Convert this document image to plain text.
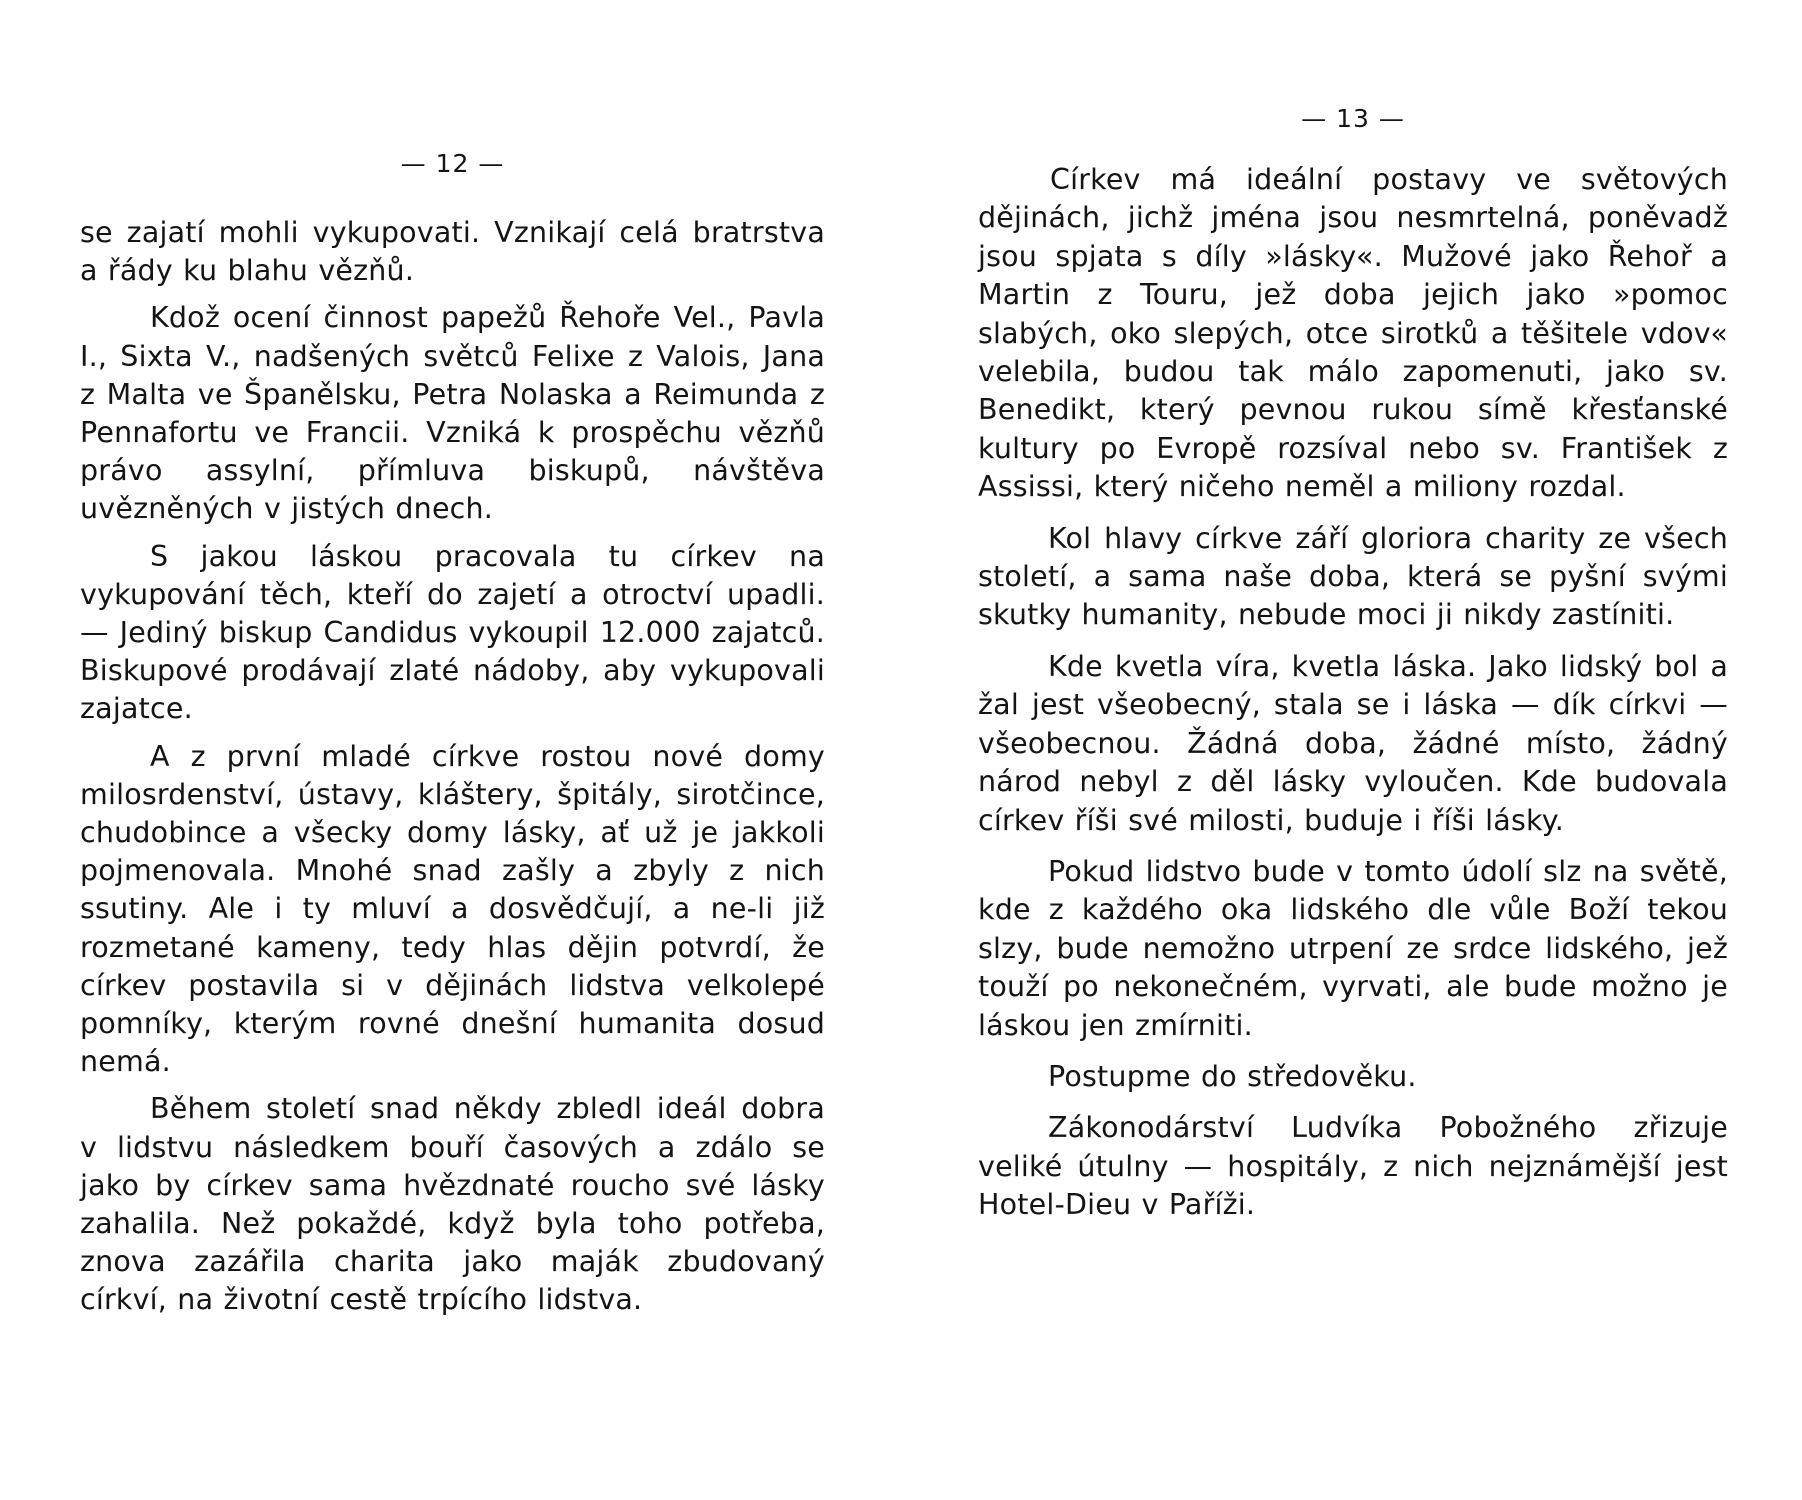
— 12 —

se zajatí mohli vykupovati. Vznikají celá bratrstva a řády ku blahu vězňů.

Kdož ocení činnost papežů Řehoře Vel., Pavla I., Sixta V., nadšených světců Felixe z Valois, Jana z Malta ve Španělsku, Petra Nolaska a Reimunda z Pennafortu ve Francii. Vzniká k prospěchu vězňů právo assylní, přímluva biskupů, návštěva uvězněných v jistých dnech.

S jakou láskou pracovala tu církev na vykupování těch, kteří do zajetí a otroctví upadli. — Jediný biskup Candidus vykoupil 12.000 zajatců. Biskupové prodávají zlaté nádoby, aby vykupovali zajatce.

A z první mladé církve rostou nové domy milosrdenství, ústavy, kláštery, špitály, sirotčince, chudobince a všecky domy lásky, ať už je jakkoli pojmenovala. Mnohé snad zašly a zbyly z nich ssutiny. Ale i ty mluví a dosvědčují, a ne-li již rozmetané kameny, tedy hlas dějin potvrdí, že církev postavila si v dějinách lidstva velkolepé pomníky, kterým rovné dnešní humanita dosud nemá.

Během století snad někdy zbledl ideál dobra v lidstvu následkem bouří časových a zdálo se jako by církev sama hvězdnaté roucho své lásky zahalila. Než pokaždé, když byla toho potřeba, znova zazářila charita jako maják zbudovaný církví, na životní cestě trpícího lidstva.

— 13 —

Církev má ideální postavy ve světových dějinách, jichž jména jsou nesmrtelná, poněvadž jsou spjata s díly »lásky«. Mužové jako Řehoř a Martin z Touru, jež doba jejich jako »pomoc slabých, oko slepých, otce sirotků a těšitele vdov« velebila, budou tak málo zapomenuti, jako sv. Benedikt, který pevnou rukou símě křesťanské kultury po Evropě rozsíval nebo sv. František z Assissi, který ničeho neměl a miliony rozdal.

Kol hlavy církve září gloriora charity ze všech století, a sama naše doba, která se pyšní svými skutky humanity, nebude moci ji nikdy zastíniti.

Kde kvetla víra, kvetla láska. Jako lidský bol a žal jest všeobecný, stala se i láska — dík církvi — všeobecnou. Žádná doba, žádné místo, žádný národ nebyl z děl lásky vyloučen. Kde budovala církev říši své milosti, buduje i říši lásky.

Pokud lidstvo bude v tomto údolí slz na světě, kde z každého oka lidského dle vůle Boží tekou slzy, bude nemožno utrpení ze srdce lidského, jež touží po nekonečném, vyrvati, ale bude možno je láskou jen zmírniti.

Postupme do středověku.

Zákonodárství Ludvíka Pobožného zřizuje veliké útulny — hospitály, z nich nejznámější jest Hotel-Dieu v Paříži.
